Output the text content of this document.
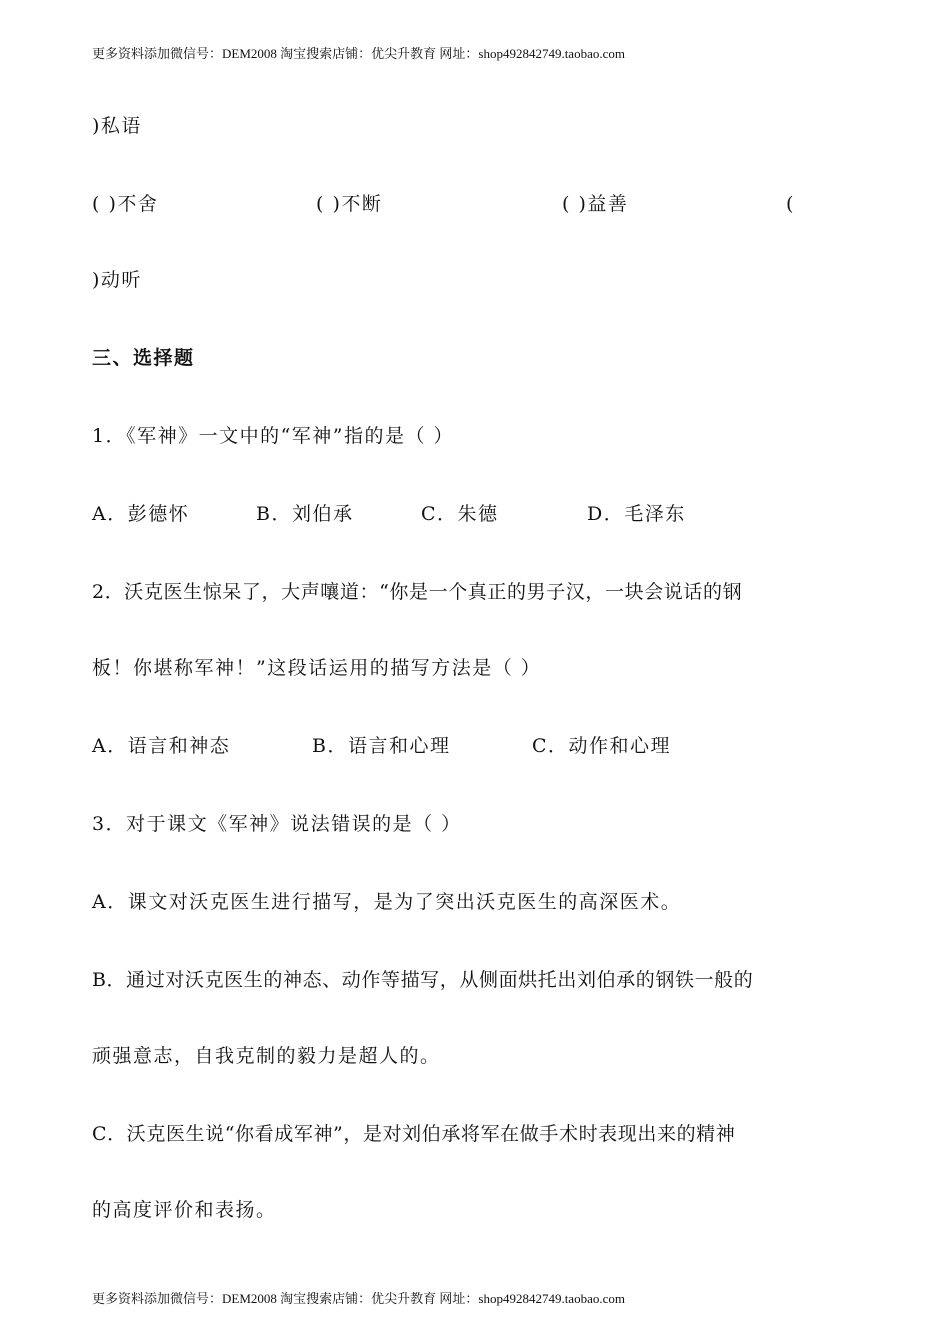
更多资料添加微信号：DEM2008 淘宝搜索店铺：优尖升教育 网址：shop492842749.taobao.com
)私语
( )不舍	( )不断	( )益善	(
)动听
三、选择题
1．《军神》一文中的“军神”指的是（ ）
A．彭德怀	B．刘伯承	C．朱德	D．毛泽东
2．沃克医生惊呆了，大声嚷道：“你是一个真正的男子汉，一块会说话的钢
板！你堪称军神！”这段话运用的描写方法是（ ）
A．语言和神态	B．语言和心理	C．动作和心理
3．对于课文《军神》说法错误的是（ ）
A．课文对沃克医生进行描写，是为了突出沃克医生的高深医术。
B．通过对沃克医生的神态、动作等描写，从侧面烘托出刘伯承的钢铁一般的
顽强意志，自我克制的毅力是超人的。
C．沃克医生说“你看成军神”，是对刘伯承将军在做手术时表现出来的精神
的高度评价和表扬。
更多资料添加微信号：DEM2008 淘宝搜索店铺：优尖升教育 网址：shop492842749.taobao.com
